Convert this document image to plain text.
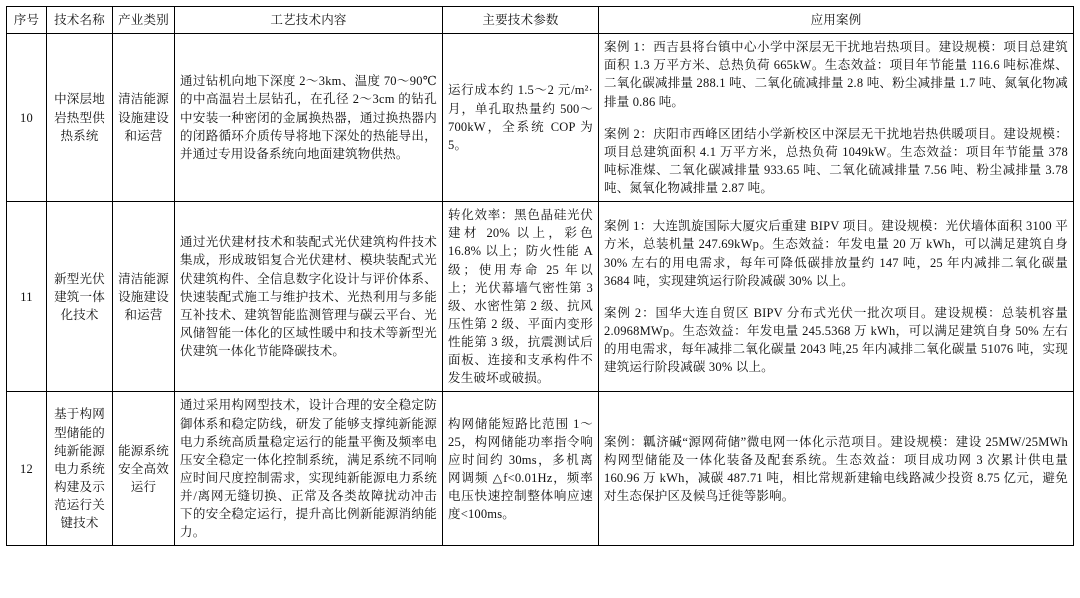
序号	技术名称	产业类别	工艺技术内容	主要技术参数	应用案例
10	中深层地岩热型供热系统	清洁能源设施建设和运营	通过钻机向地下深度 2～3km、温度 70～90℃ 的中高温岩土层钻孔，在孔径 2～3cm 的钻孔中安装一种密闭的金属换热器，通过换热器内的闭路循环介质传导将地下深处的热能导出，并通过专用设备系统向地面建筑物供热。	运行成本约 1.5～2 元/m²·月，单孔取热量约 500～700kW，全系统 COP 为 5。	案例 1：西吉县将台镇中心小学中深层无干扰地岩热项目。建设规模：项目总建筑面积 1.3 万平方米、总热负荷 665kW。生态效益：项目年节能量 116.6 吨标准煤、二氧化碳减排量 288.1 吨、二氧化硫减排量 2.8 吨、粉尘减排量 1.7 吨、氮氧化物减排量 0.86 吨。

案例 2：庆阳市西峰区团结小学新校区中深层无干扰地岩热供暖项目。建设规模：项目总建筑面积 4.1 万平方米，总热负荷 1049kW。生态效益：项目年节能量 378 吨标准煤、二氧化碳减排量 933.65 吨、二氧化硫减排量 7.56 吨、粉尘减排量 3.78 吨、氮氧化物减排量 2.87 吨。

11	新型光伏建筑一体化技术	清洁能源设施建设和运营	通过光伏建材技术和装配式光伏建筑构件技术集成，形成玻铝复合光伏建材、模块装配式光伏建筑构件、全信息数字化设计与评价体系、快速装配式施工与维护技术、光热利用与多能互补技术、建筑智能监测管理与碳云平台、光风储智能一体化的区域性暖中和技术等新型光伏建筑一体化节能降碳技术。	转化效率：黑色晶硅光伏建材 20% 以上，彩色 16.8% 以上；防火性能 A 级；使用寿命 25 年以上；光伏幕墙气密性第 3 级、水密性第 2 级、抗风压性第 2 级、平面内变形性能第 3 级，抗震测试后面板、连接和支承构件不发生破坏或破损。	案例 1：大连凯旋国际大厦灾后重建 BIPV 项目。建设规模：光伏墙体面积 3100 平方米，总装机量 247.69kWp。生态效益：年发电量 20 万 kWh，可以满足建筑自身 30% 左右的用电需求，每年可降低碳排放量约 147 吨，25 年内减排二氧化碳量 3684 吨，实现建筑运行阶段减碳 30% 以上。

案例 2：国华大连自贸区 BIPV 分布式光伏一批次项目。建设规模：总装机容量 2.0968MWp。生态效益：年发电量 245.5368 万 kWh，可以满足建筑自身 50% 左右的用电需求，每年减排二氧化碳量 2043 吨,25 年内减排二氧化碳量 51076 吨，实现建筑运行阶段减碳 30% 以上。

12	基于构网型储能的纯新能源电力系统构建及示范运行关键技术	能源系统安全高效运行	通过采用构网型技术，设计合理的安全稳定防御体系和稳定防线，研发了能够支撑纯新能源电力系统高质量稳定运行的能量平衡及频率电压安全稳定一体化控制系统，满足系统不同响应时间尺度控制需求，实现纯新能源电力系统并/离网无缝切换、正常及各类故障扰动冲击下的安全稳定运行，提升高比例新能源消纳能力。	构网储能短路比范围 1～25，构网储能功率指令响应时间约 30ms，多机离网调频 △f<0.01Hz，频率电压快速控制整体响应速度<100ms。	案例：瓤济碱“源网荷储”微电网一体化示范项目。建设规模：建设 25MW/25MWh 构网型储能及一体化装备及配套系统。生态效益：项目成功网 3 次累计供电量 160.96 万 kWh，减碳 487.71 吨，相比常规新建输电线路减少投资 8.75 亿元，避免对生态保护区及候鸟迁徙等影响。
